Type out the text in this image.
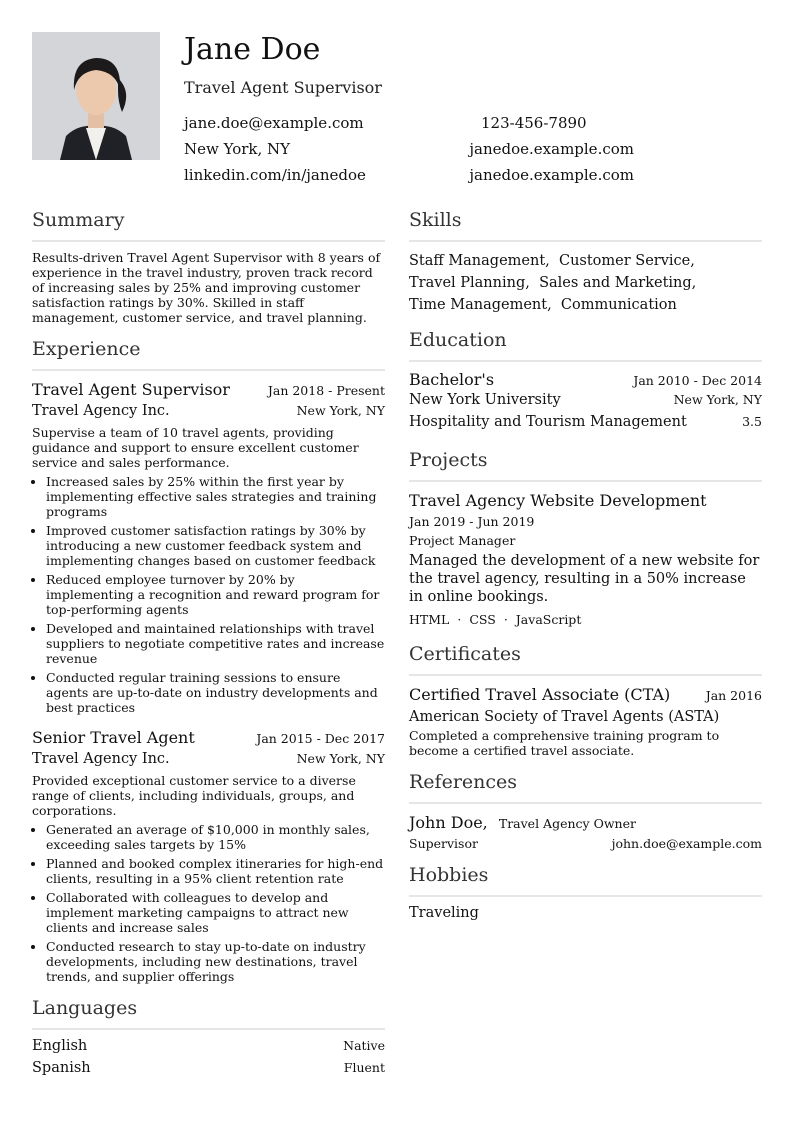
Jane Doe
Travel Agent Supervisor
jane.doe@example.com	123-456-7890
New York, NY	janedoe.example.com
linkedin.com/in/janedoe	janedoe.example.com
Summary
Results-driven Travel Agent Supervisor with 8 years of experience in the travel industry, proven track record of increasing sales by 25% and improving customer satisfaction ratings by 30%. Skilled in staff management, customer service, and travel planning.
Experience
Travel Agent Supervisor	Jan 2018 - Present
Travel Agency Inc.	New York, NY
Supervise a team of 10 travel agents, providing guidance and support to ensure excellent customer service and sales performance.
• Increased sales by 25% within the first year by implementing effective sales strategies and training programs
• Improved customer satisfaction ratings by 30% by introducing a new customer feedback system and implementing changes based on customer feedback
• Reduced employee turnover by 20% by implementing a recognition and reward program for top-performing agents
• Developed and maintained relationships with travel suppliers to negotiate competitive rates and increase revenue
• Conducted regular training sessions to ensure agents are up-to-date on industry developments and best practices
Senior Travel Agent	Jan 2015 - Dec 2017
Travel Agency Inc.	New York, NY
Provided exceptional customer service to a diverse range of clients, including individuals, groups, and corporations.
• Generated an average of $10,000 in monthly sales, exceeding sales targets by 15%
• Planned and booked complex itineraries for high-end clients, resulting in a 95% client retention rate
• Collaborated with colleagues to develop and implement marketing campaigns to attract new clients and increase sales
• Conducted research to stay up-to-date on industry developments, including new destinations, travel trends, and supplier offerings
Languages
English	Native
Spanish	Fluent
Skills
Staff Management, Customer Service,
Travel Planning, Sales and Marketing,
Time Management, Communication
Education
Bachelor's	Jan 2010 - Dec 2014
New York University	New York, NY
Hospitality and Tourism Management	3.5
Projects
Travel Agency Website Development
Jan 2019 - Jun 2019
Project Manager
Managed the development of a new website for the travel agency, resulting in a 50% increase in online bookings.
HTML · CSS · JavaScript
Certificates
Certified Travel Associate (CTA)	Jan 2016
American Society of Travel Agents (ASTA)
Completed a comprehensive training program to become a certified travel associate.
References
John Doe, Travel Agency Owner
Supervisor	john.doe@example.com
Hobbies
Traveling
